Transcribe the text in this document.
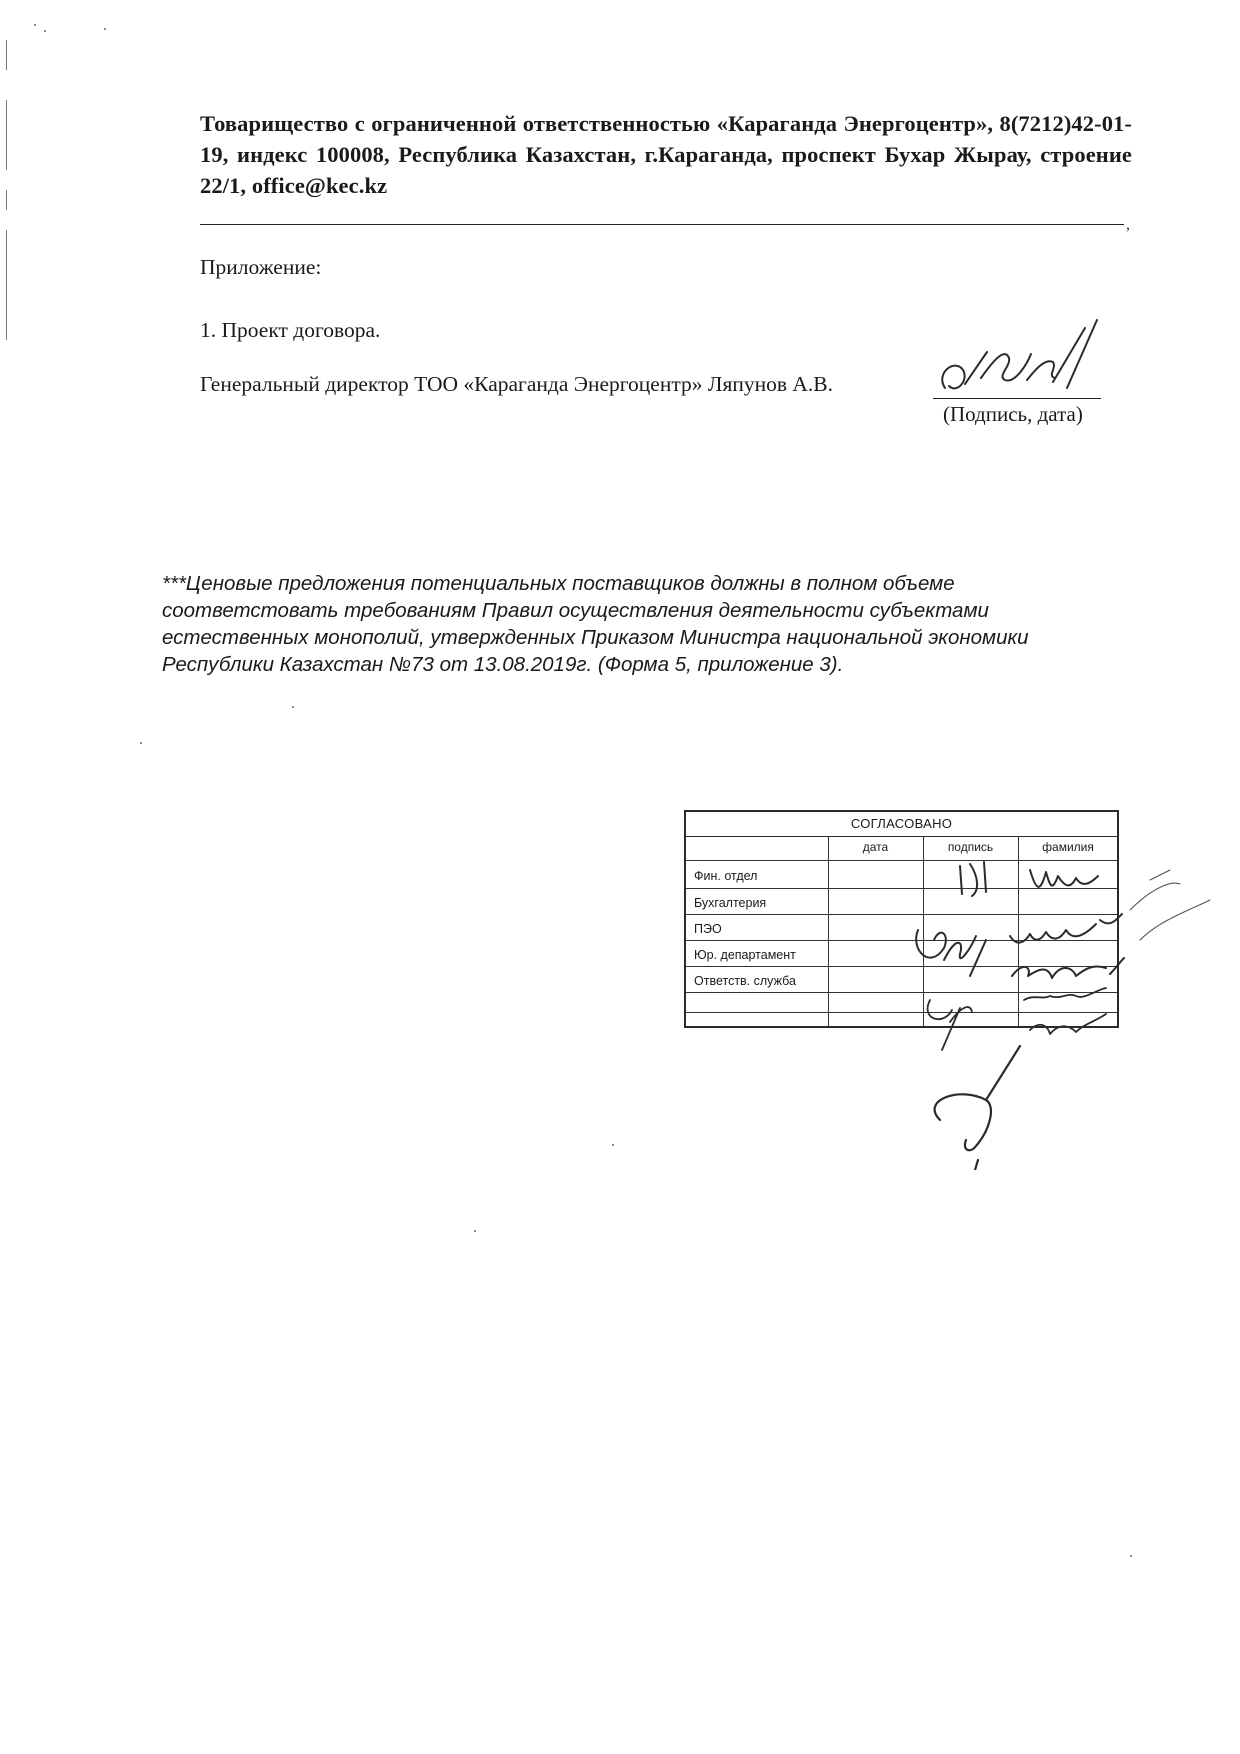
Товарищество с ограниченной ответственностью «Караганда Энергоцентр», 8(7212)42-01-19, индекс 100008, Республика Казахстан, г.Караганда, проспект Бухар Жырау, строение 22/1, office@kec.kz
,
Приложение:
1. Проект договора.
Генеральный директор ТОО «Караганда Энергоцентр» Ляпунов А.В.
(Подпись, дата)
***Ценовые предложения потенциальных поставщиков должны в полном объеме соответстовать требованиям Правил осуществления деятельности субъектами естественных монополий, утвержденных Приказом Министра национальной экономики Республики Казахстан №73 от 13.08.2019г. (Форма 5, приложение 3).
СОГЛАСОВАНО
дата	подпись	фамилия
Фин. отдел
Бухгалтерия
ПЭО
Юр. департамент
Ответств. служба
